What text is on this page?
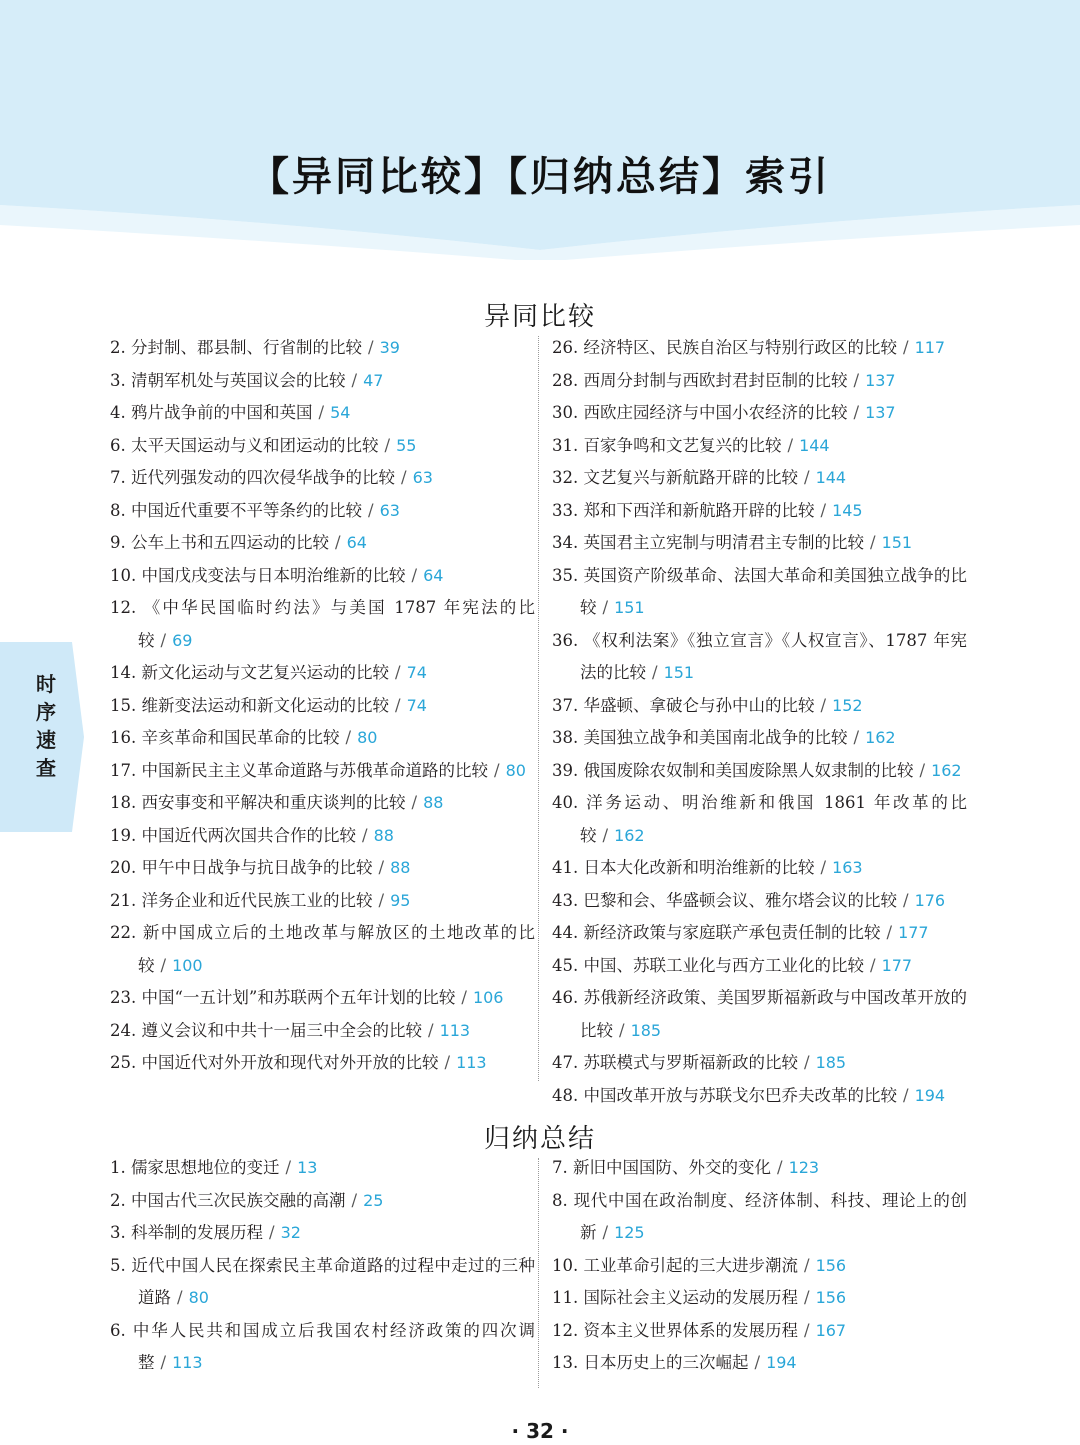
【异同比较】【归纳总结】索引
时序速查
异同比较
2. 分封制、郡县制、行省制的比较 / 39
3. 清朝军机处与英国议会的比较 / 47
4. 鸦片战争前的中国和英国 / 54
6. 太平天国运动与义和团运动的比较 / 55
7. 近代列强发动的四次侵华战争的比较 / 63
8. 中国近代重要不平等条约的比较 / 63
9. 公车上书和五四运动的比较 / 64
10. 中国戊戌变法与日本明治维新的比较 / 64
12. 《中华民国临时约法》与美国 1787 年宪法的比较 / 69
14. 新文化运动与文艺复兴运动的比较 / 74
15. 维新变法运动和新文化运动的比较 / 74
16. 辛亥革命和国民革命的比较 / 80
17. 中国新民主主义革命道路与苏俄革命道路的比较 / 80
18. 西安事变和平解决和重庆谈判的比较 / 88
19. 中国近代两次国共合作的比较 / 88
20. 甲午中日战争与抗日战争的比较 / 88
21. 洋务企业和近代民族工业的比较 / 95
22. 新中国成立后的土地改革与解放区的土地改革的比较 / 100
23. 中国“一五计划”和苏联两个五年计划的比较 / 106
24. 遵义会议和中共十一届三中全会的比较 / 113
25. 中国近代对外开放和现代对外开放的比较 / 113
26. 经济特区、民族自治区与特别行政区的比较 / 117
28. 西周分封制与西欧封君封臣制的比较 / 137
30. 西欧庄园经济与中国小农经济的比较 / 137
31. 百家争鸣和文艺复兴的比较 / 144
32. 文艺复兴与新航路开辟的比较 / 144
33. 郑和下西洋和新航路开辟的比较 / 145
34. 英国君主立宪制与明清君主专制的比较 / 151
35. 英国资产阶级革命、法国大革命和美国独立战争的比较 / 151
36. 《权利法案》《独立宣言》《人权宣言》、1787 年宪法的比较 / 151
37. 华盛顿、拿破仑与孙中山的比较 / 152
38. 美国独立战争和美国南北战争的比较 / 162
39. 俄国废除农奴制和美国废除黑人奴隶制的比较 / 162
40. 洋务运动、明治维新和俄国 1861 年改革的比较 / 162
41. 日本大化改新和明治维新的比较 / 163
43. 巴黎和会、华盛顿会议、雅尔塔会议的比较 / 176
44. 新经济政策与家庭联产承包责任制的比较 / 177
45. 中国、苏联工业化与西方工业化的比较 / 177
46. 苏俄新经济政策、美国罗斯福新政与中国改革开放的比较 / 185
47. 苏联模式与罗斯福新政的比较 / 185
48. 中国改革开放与苏联戈尔巴乔夫改革的比较 / 194
归纳总结
1. 儒家思想地位的变迁 / 13
2. 中国古代三次民族交融的高潮 / 25
3. 科举制的发展历程 / 32
5. 近代中国人民在探索民主革命道路的过程中走过的三种道路 / 80
6. 中华人民共和国成立后我国农村经济政策的四次调整 / 113
7. 新旧中国国防、外交的变化 / 123
8. 现代中国在政治制度、经济体制、科技、理论上的创新 / 125
10. 工业革命引起的三大进步潮流 / 156
11. 国际社会主义运动的发展历程 / 156
12. 资本主义世界体系的发展历程 / 167
13. 日本历史上的三次崛起 / 194
· 32 ·
